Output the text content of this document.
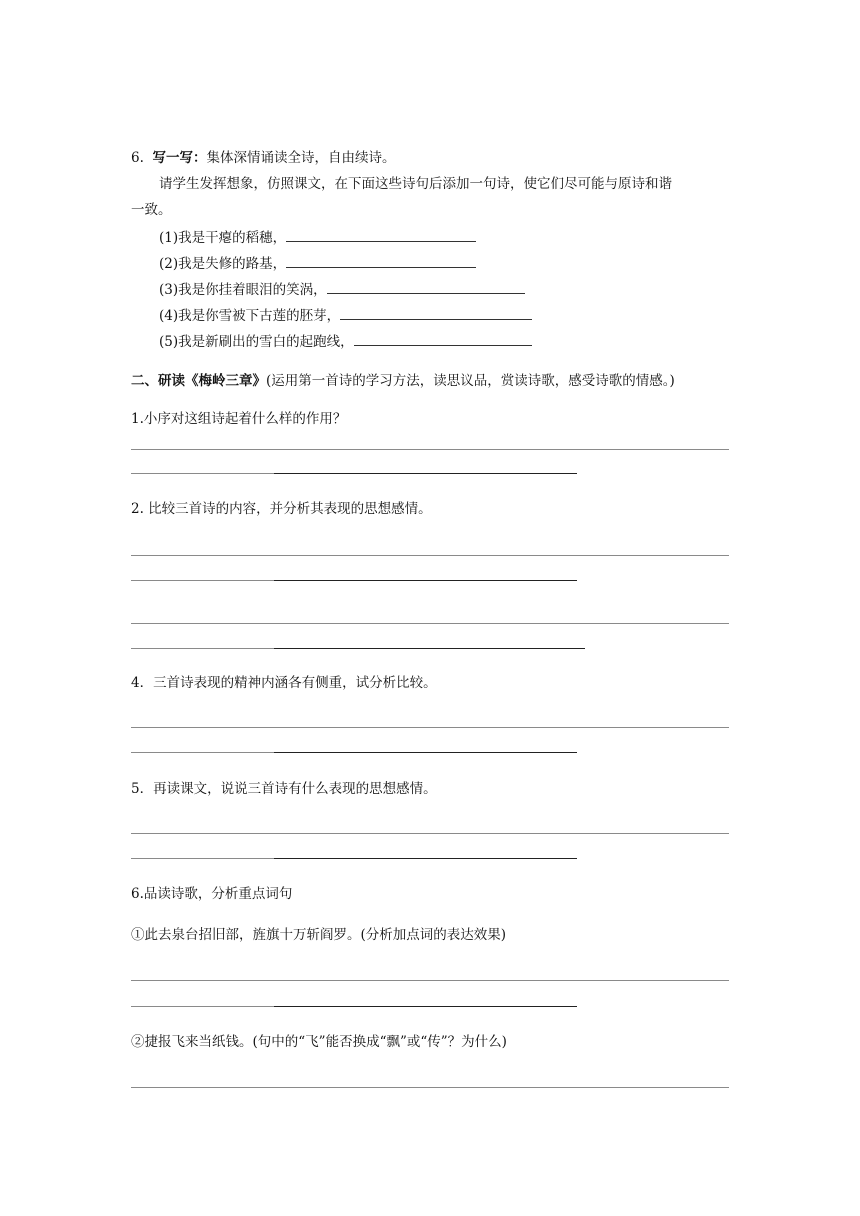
6. 写一写：集体深情诵读全诗，自由续诗。
请学生发挥想象，仿照课文，在下面这些诗句后添加一句诗，使它们尽可能与原诗和谐
一致。
(1)我是干瘪的稻穗，
(2)我是失修的路基，
(3)我是你挂着眼泪的笑涡，
(4)我是你雪被下古莲的胚芽，
(5)我是新刷出的雪白的起跑线，
二、研读《梅岭三章》(运用第一首诗的学习方法，读思议品，赏读诗歌，感受诗歌的情感。)
1.小序对这组诗起着什么样的作用？
2. 比较三首诗的内容，并分析其表现的思想感情。
4．三首诗表现的精神内涵各有侧重，试分析比较。
5．再读课文，说说三首诗有什么表现的思想感情。
6.品读诗歌，分析重点词句
①此去泉台招旧部，旌旗十万斩阎罗。(分析加点词的表达效果)
②捷报飞来当纸钱。(句中的“飞”能否换成“飘”或“传”？为什么)
